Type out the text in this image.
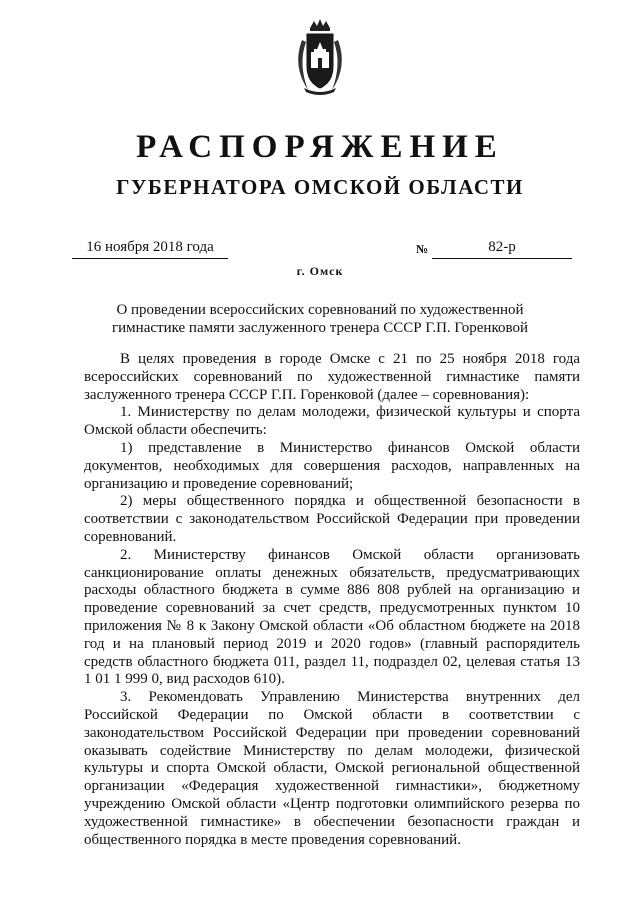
РАСПОРЯЖЕНИЕ
ГУБЕРНАТОРА ОМСКОЙ ОБЛАСТИ
16 ноября 2018 года	№	82-р
г. Омск
О проведении всероссийских соревнований по художественной гимнастике памяти заслуженного тренера СССР Г.П. Горенковой

В целях проведения в городе Омске с 21 по 25 ноября 2018 года всероссийских соревнований по художественной гимнастике памяти заслуженного тренера СССР Г.П. Горенковой (далее – соревнования):

1. Министерству по делам молодежи, физической культуры и спорта Омской области обеспечить:

1) представление в Министерство финансов Омской области документов, необходимых для совершения расходов, направленных на организацию и проведение соревнований;

2) меры общественного порядка и общественной безопасности в соответствии с законодательством Российской Федерации при проведении соревнований.

2. Министерству финансов Омской области организовать санкционирование оплаты денежных обязательств, предусматривающих расходы областного бюджета в сумме 886 808 рублей на организацию и проведение соревнований за счет средств, предусмотренных пунктом 10 приложения № 8 к Закону Омской области «Об областном бюджете на 2018 год и на плановый период 2019 и 2020 годов» (главный распорядитель средств областного бюджета 011, раздел 11, подраздел 02, целевая статья 13 1 01 1 999 0, вид расходов 610).

3. Рекомендовать Управлению Министерства внутренних дел Российской Федерации по Омской области в соответствии с законодательством Российской Федерации при проведении соревнований оказывать содействие Министерству по делам молодежи, физической культуры и спорта Омской области, Омской региональной общественной организации «Федерация художественной гимнастики», бюджетному учреждению Омской области «Центр подготовки олимпийского резерва по художественной гимнастике» в обеспечении безопасности граждан и общественного порядка в месте проведения соревнований.
